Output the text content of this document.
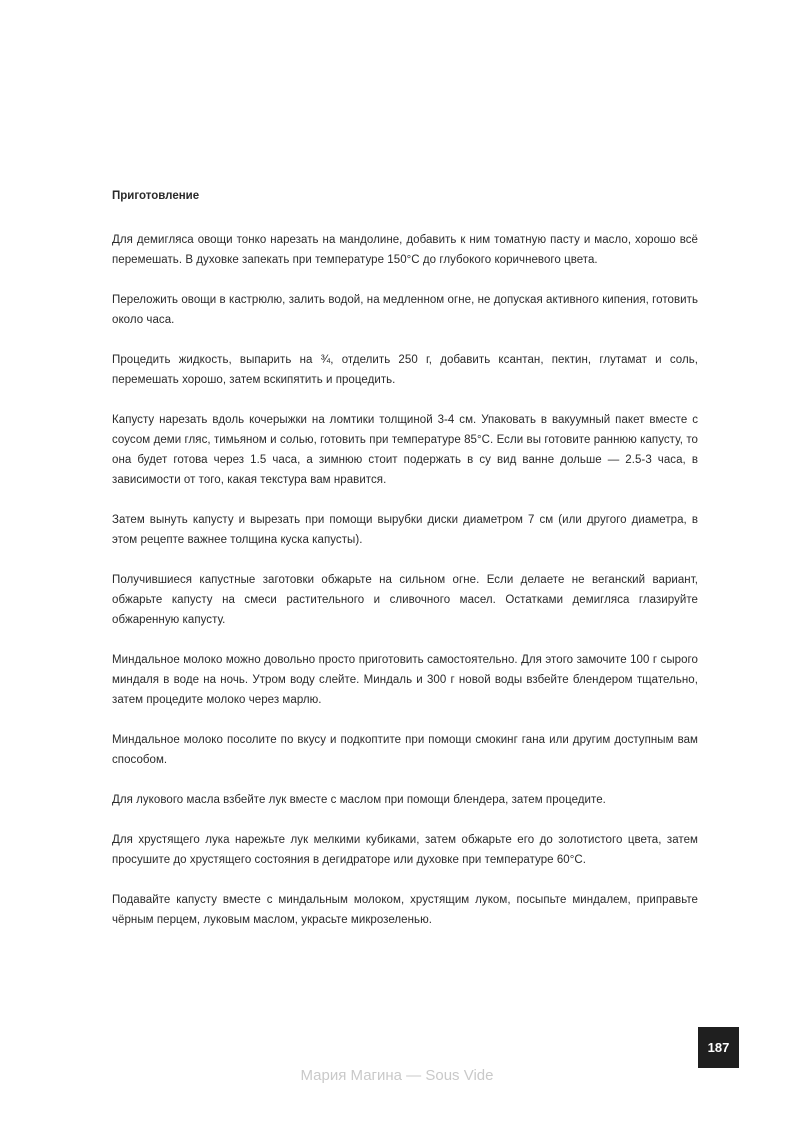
Приготовление

Для демигляса овощи тонко нарезать на мандолине, добавить к ним томатную пасту и масло, хорошо всё перемешать. В духовке запекать при температуре 150°C до глубокого коричневого цвета.

Переложить овощи в кастрюлю, залить водой, на медленном огне, не допуская активного кипения, готовить около часа.

Процедить жидкость, выпарить на ¾, отделить 250 г, добавить ксантан, пектин, глутамат и соль, перемешать хорошо, затем вскипятить и процедить.

Капусту нарезать вдоль кочерыжки на ломтики толщиной 3-4 см. Упаковать в вакуумный пакет вместе с соусом деми гляс, тимьяном и солью, готовить при температуре 85°C. Если вы готовите раннюю капусту, то она будет готова через 1.5 часа, а зимнюю стоит подержать в су вид ванне дольше — 2.5-3 часа, в зависимости от того, какая текстура вам нравится.

Затем вынуть капусту и вырезать при помощи вырубки диски диаметром 7 см (или другого диаметра, в этом рецепте важнее толщина куска капусты).

Получившиеся капустные заготовки обжарьте на сильном огне. Если делаете не веганский вариант, обжарьте капусту на смеси растительного и сливочного масел. Остатками демигляса глазируйте обжаренную капусту.

Миндальное молоко можно довольно просто приготовить самостоятельно. Для этого замочите 100 г сырого миндаля в воде на ночь. Утром воду слейте. Миндаль и 300 г новой воды взбейте блендером тщательно, затем процедите молоко через марлю.

Миндальное молоко посолите по вкусу и подкоптите при помощи смокинг гана или другим доступным вам способом.

Для лукового масла взбейте лук вместе с маслом при помощи блендера, затем процедите.

Для хрустящего лука нарежьте лук мелкими кубиками, затем обжарьте его до золотистого цвета, затем просушите до хрустящего состояния в дегидраторе или духовке при температуре 60°C.

Подавайте капусту вместе с миндальным молоком, хрустящим луком, посыпьте миндалем, приправьте чёрным перцем, луковым маслом, украсьте микрозеленью.

187
Мария Магина — Sous Vide
